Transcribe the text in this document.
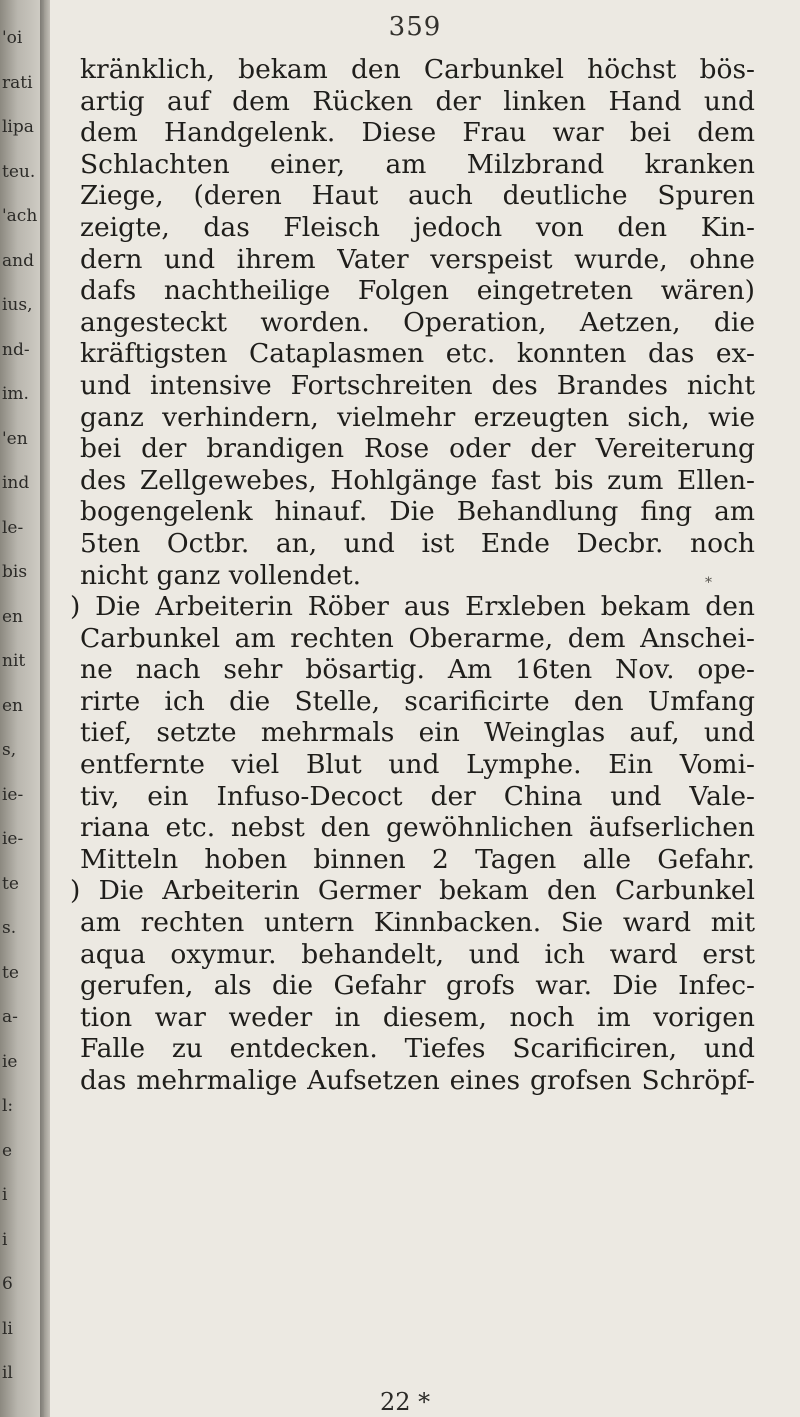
'oi
rati
lipa
teu.
'ach
and
ius,
nd-
im.
'en
ind
le-
bis
en
nit
en
s,
ie-
ie-
te
s.
te
a-
ie
l:
e
i
i
6
li
il
359
kränklich, bekam den Carbunkel höchst bös-
artig auf dem Rücken der linken Hand und
dem Handgelenk. Diese Frau war bei dem
Schlachten einer, am Milzbrand kranken
Ziege, (deren Haut auch deutliche Spuren
zeigte, das Fleisch jedoch von den Kin-
dern und ihrem Vater verspeist wurde, ohne
dafs nachtheilige Folgen eingetreten wären)
angesteckt worden. Operation, Aetzen, die
kräftigsten Cataplasmen etc. konnten das ex-
und intensive Fortschreiten des Brandes nicht
ganz verhindern, vielmehr erzeugten sich, wie
bei der brandigen Rose oder der Vereiterung
des Zellgewebes, Hohlgänge fast bis zum Ellen-
bogengelenk hinauf. Die Behandlung fing am
5ten Octbr. an, und ist Ende Decbr. noch
nicht ganz vollendet.
) Die Arbeiterin Röber aus Erxleben bekam den
Carbunkel am rechten Oberarme, dem Anschei-
ne nach sehr bösartig. Am 16ten Nov. ope-
rirte ich die Stelle, scarificirte den Umfang
tief, setzte mehrmals ein Weinglas auf, und
entfernte viel Blut und Lymphe. Ein Vomi-
tiv, ein Infuso-Decoct der China und Vale-
riana etc. nebst den gewöhnlichen äufserlichen
Mitteln hoben binnen 2 Tagen alle Gefahr.
) Die Arbeiterin Germer bekam den Carbunkel
am rechten untern Kinnbacken. Sie ward mit
aqua oxymur. behandelt, und ich ward erst
gerufen, als die Gefahr grofs war. Die Infec-
tion war weder in diesem, noch im vorigen
Falle zu entdecken. Tiefes Scarificiren, und
das mehrmalige Aufsetzen eines grofsen Schröpf-
*
22 *
